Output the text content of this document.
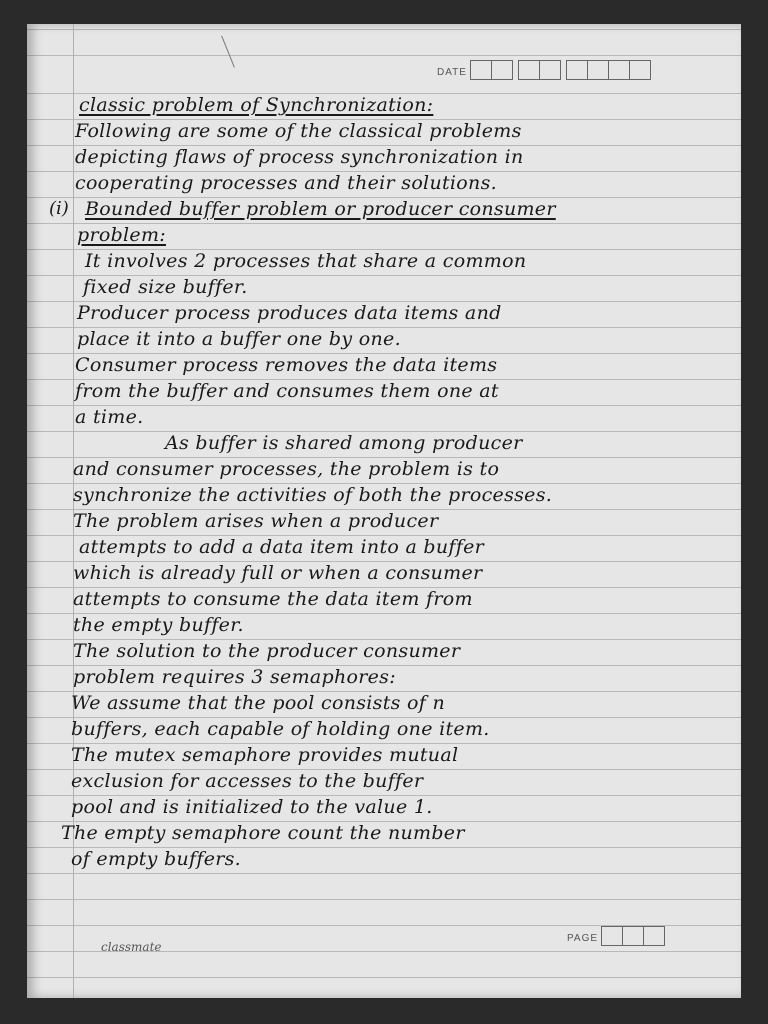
DATE
(i)
classic problem of Synchronization:
Following are some of the classical problems
depicting flaws of process synchronization in
cooperating processes and their solutions.
Bounded buffer problem or producer consumer
problem:
It involves 2 processes that share a common
fixed size buffer.
Producer process produces data items and
place it into a buffer one by one.
Consumer process removes the data items
from the buffer and consumes them one at
a time.
As buffer is shared among producer
and consumer processes, the problem is to
synchronize the activities of both the processes.
The problem arises when a producer
attempts to add a data item into a buffer
which is already full or when a consumer
attempts to consume the data item from
the empty buffer.
The solution to the producer consumer
problem requires 3 semaphores:
We assume that the pool consists of n
buffers, each capable of holding one item.
The mutex semaphore provides mutual
exclusion for accesses to the buffer
pool and is initialized to the value 1.
The empty semaphore count the number
of empty buffers.
classmate
PAGE
